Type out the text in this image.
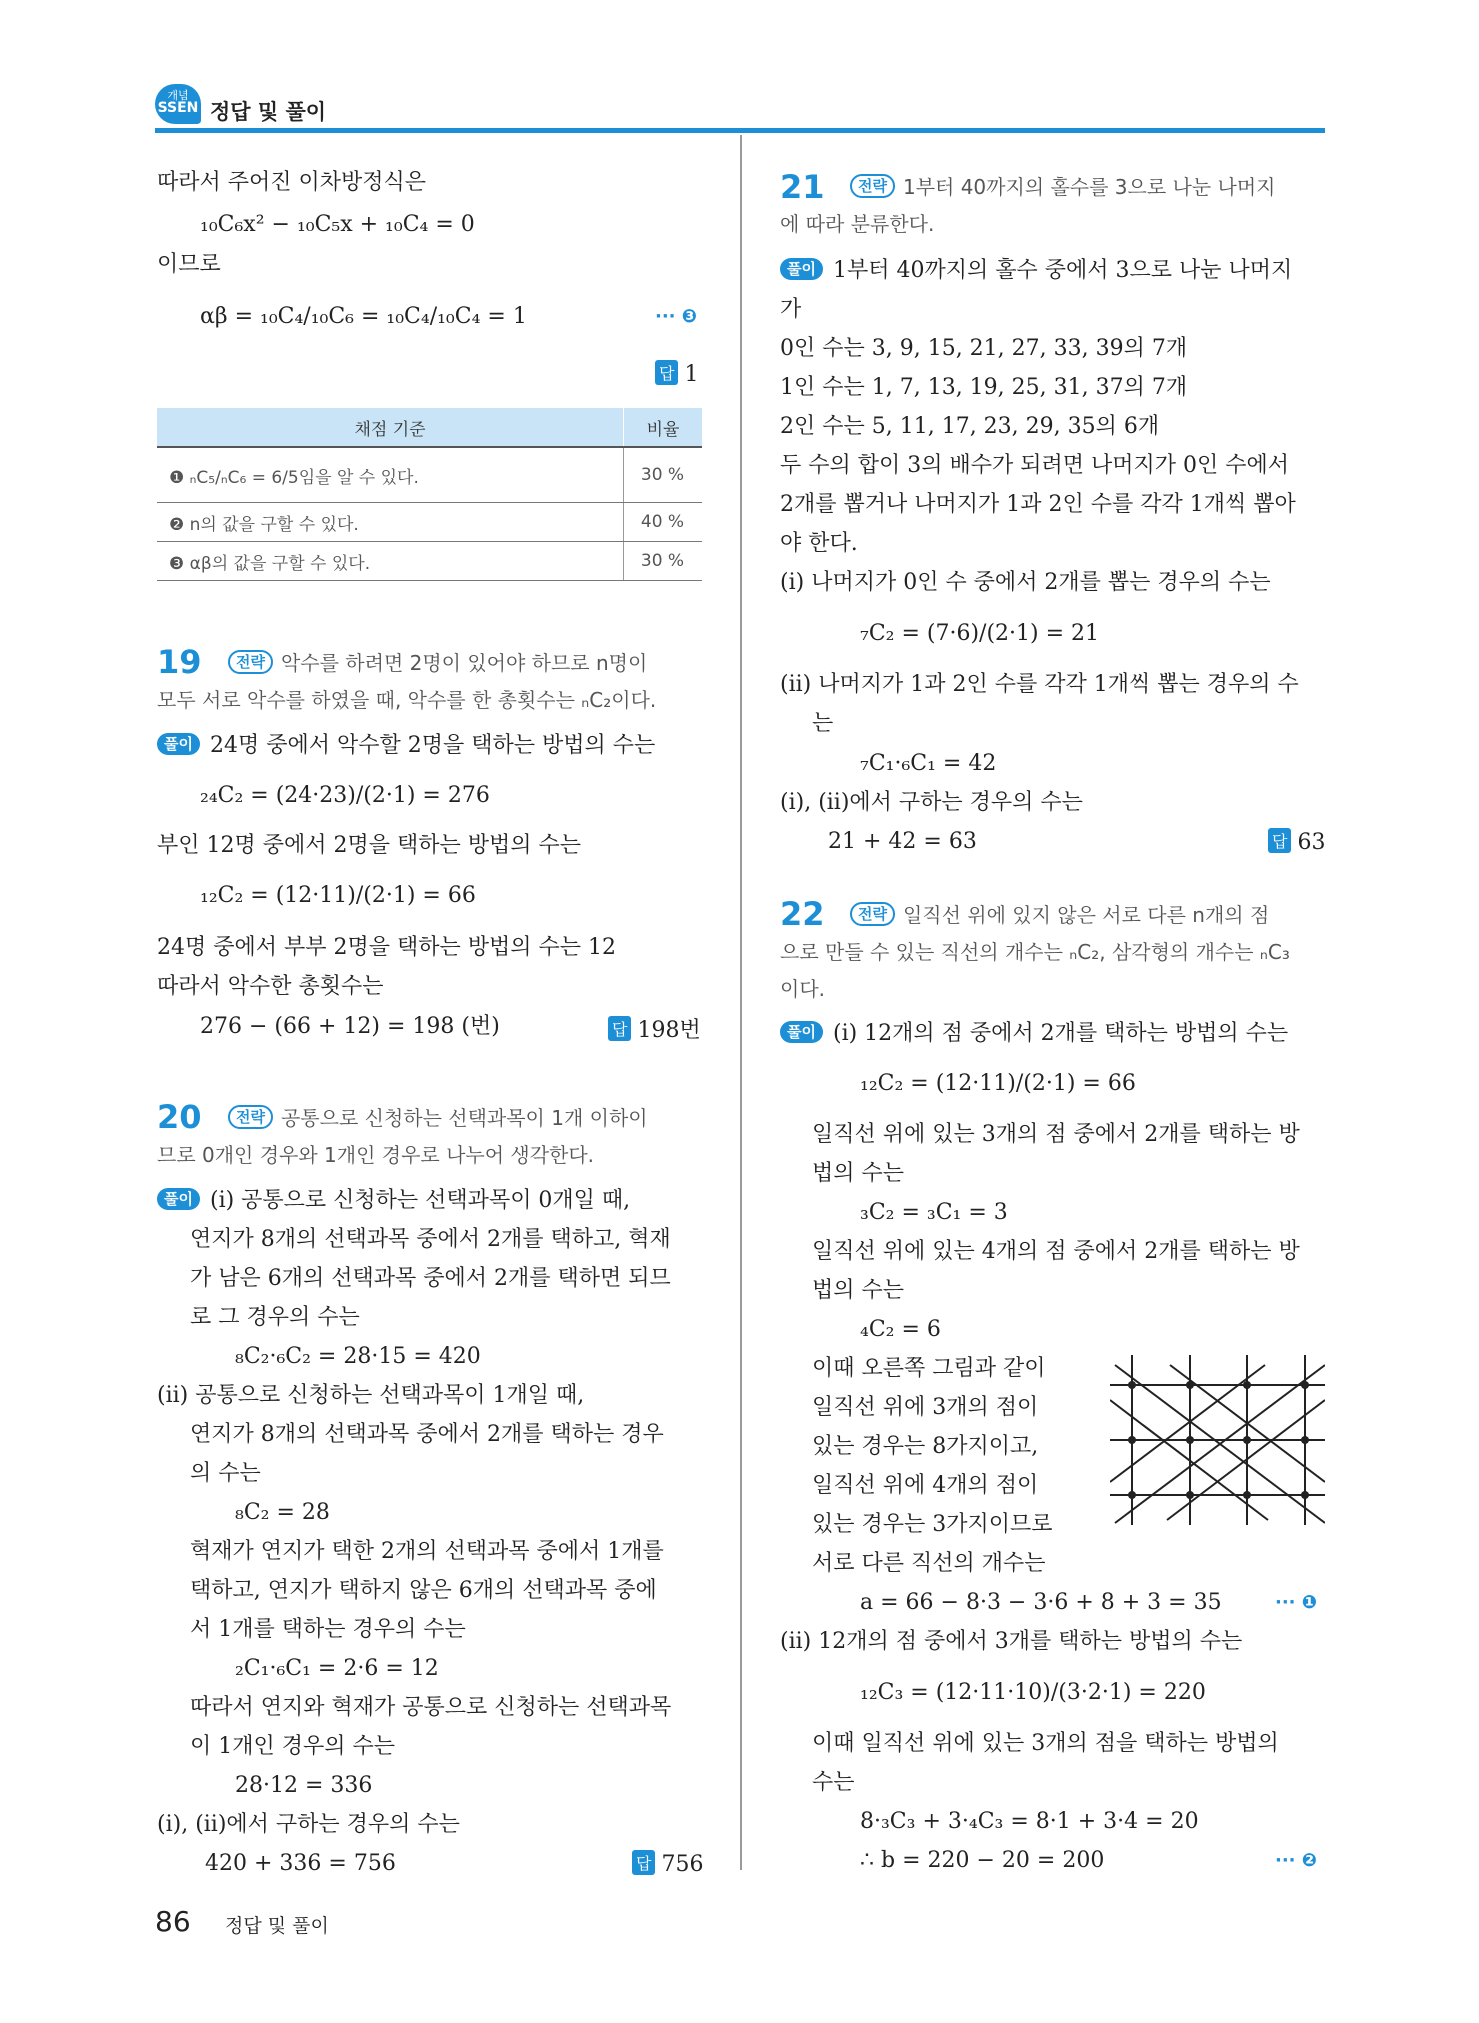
개념
SSEN 정답 및 풀이
따라서 주어진 이차방정식은
₁₀C₆x² − ₁₀C₅x + ₁₀C₄ = 0
이므로
αβ = ₁₀C₄/₁₀C₆ = ₁₀C₄/₁₀C₄ = 1	··· ❸
답 1
채점 기준	비율
❶ ₙC₅/ₙC₆ = 6/5임을 알 수 있다.	30 %
❷ n의 값을 구할 수 있다.	40 %
❸ αβ의 값을 구할 수 있다.	30 %
19	전략 악수를 하려면 2명이 있어야 하므로 n명이
모두 서로 악수를 하였을 때, 악수를 한 총횟수는 ₙC₂이다.
풀이 24명 중에서 악수할 2명을 택하는 방법의 수는
₂₄C₂ = (24·23)/(2·1) = 276
부인 12명 중에서 2명을 택하는 방법의 수는
₁₂C₂ = (12·11)/(2·1) = 66
24명 중에서 부부 2명을 택하는 방법의 수는 12
따라서 악수한 총횟수는
276 − (66 + 12) = 198 (번)	답 198번
20	전략 공통으로 신청하는 선택과목이 1개 이하이
므로 0개인 경우와 1개인 경우로 나누어 생각한다.
풀이 (i) 공통으로 신청하는 선택과목이 0개일 때,
연지가 8개의 선택과목 중에서 2개를 택하고, 혁재
가 남은 6개의 선택과목 중에서 2개를 택하면 되므
로 그 경우의 수는
₈C₂·₆C₂ = 28·15 = 420
(ii) 공통으로 신청하는 선택과목이 1개일 때,
연지가 8개의 선택과목 중에서 2개를 택하는 경우
의 수는
₈C₂ = 28
혁재가 연지가 택한 2개의 선택과목 중에서 1개를
택하고, 연지가 택하지 않은 6개의 선택과목 중에
서 1개를 택하는 경우의 수는
₂C₁·₆C₁ = 2·6 = 12
따라서 연지와 혁재가 공통으로 신청하는 선택과목
이 1개인 경우의 수는
28·12 = 336
(i), (ii)에서 구하는 경우의 수는
420 + 336 = 756	답 756
21	전략 1부터 40까지의 홀수를 3으로 나눈 나머지
에 따라 분류한다.
풀이 1부터 40까지의 홀수 중에서 3으로 나눈 나머지
가
0인 수는 3, 9, 15, 21, 27, 33, 39의 7개
1인 수는 1, 7, 13, 19, 25, 31, 37의 7개
2인 수는 5, 11, 17, 23, 29, 35의 6개
두 수의 합이 3의 배수가 되려면 나머지가 0인 수에서
2개를 뽑거나 나머지가 1과 2인 수를 각각 1개씩 뽑아
야 한다.
(i) 나머지가 0인 수 중에서 2개를 뽑는 경우의 수는
₇C₂ = (7·6)/(2·1) = 21
(ii) 나머지가 1과 2인 수를 각각 1개씩 뽑는 경우의 수
는
₇C₁·₆C₁ = 42
(i), (ii)에서 구하는 경우의 수는
21 + 42 = 63	답 63
22	전략 일직선 위에 있지 않은 서로 다른 n개의 점
으로 만들 수 있는 직선의 개수는 ₙC₂, 삼각형의 개수는 ₙC₃
이다.
풀이 (i) 12개의 점 중에서 2개를 택하는 방법의 수는
₁₂C₂ = (12·11)/(2·1) = 66
일직선 위에 있는 3개의 점 중에서 2개를 택하는 방
법의 수는
₃C₂ = ₃C₁ = 3
일직선 위에 있는 4개의 점 중에서 2개를 택하는 방
법의 수는
₄C₂ = 6
이때 오른쪽 그림과 같이
일직선 위에 3개의 점이
있는 경우는 8가지이고,
일직선 위에 4개의 점이
있는 경우는 3가지이므로
서로 다른 직선의 개수는
a = 66 − 8·3 − 3·6 + 8 + 3 = 35	··· ❶
(ii) 12개의 점 중에서 3개를 택하는 방법의 수는
₁₂C₃ = (12·11·10)/(3·2·1) = 220
이때 일직선 위에 있는 3개의 점을 택하는 방법의
수는
8·₃C₃ + 3·₄C₃ = 8·1 + 3·4 = 20
∴ b = 220 − 20 = 200	··· ❷
86 정답 및 풀이
